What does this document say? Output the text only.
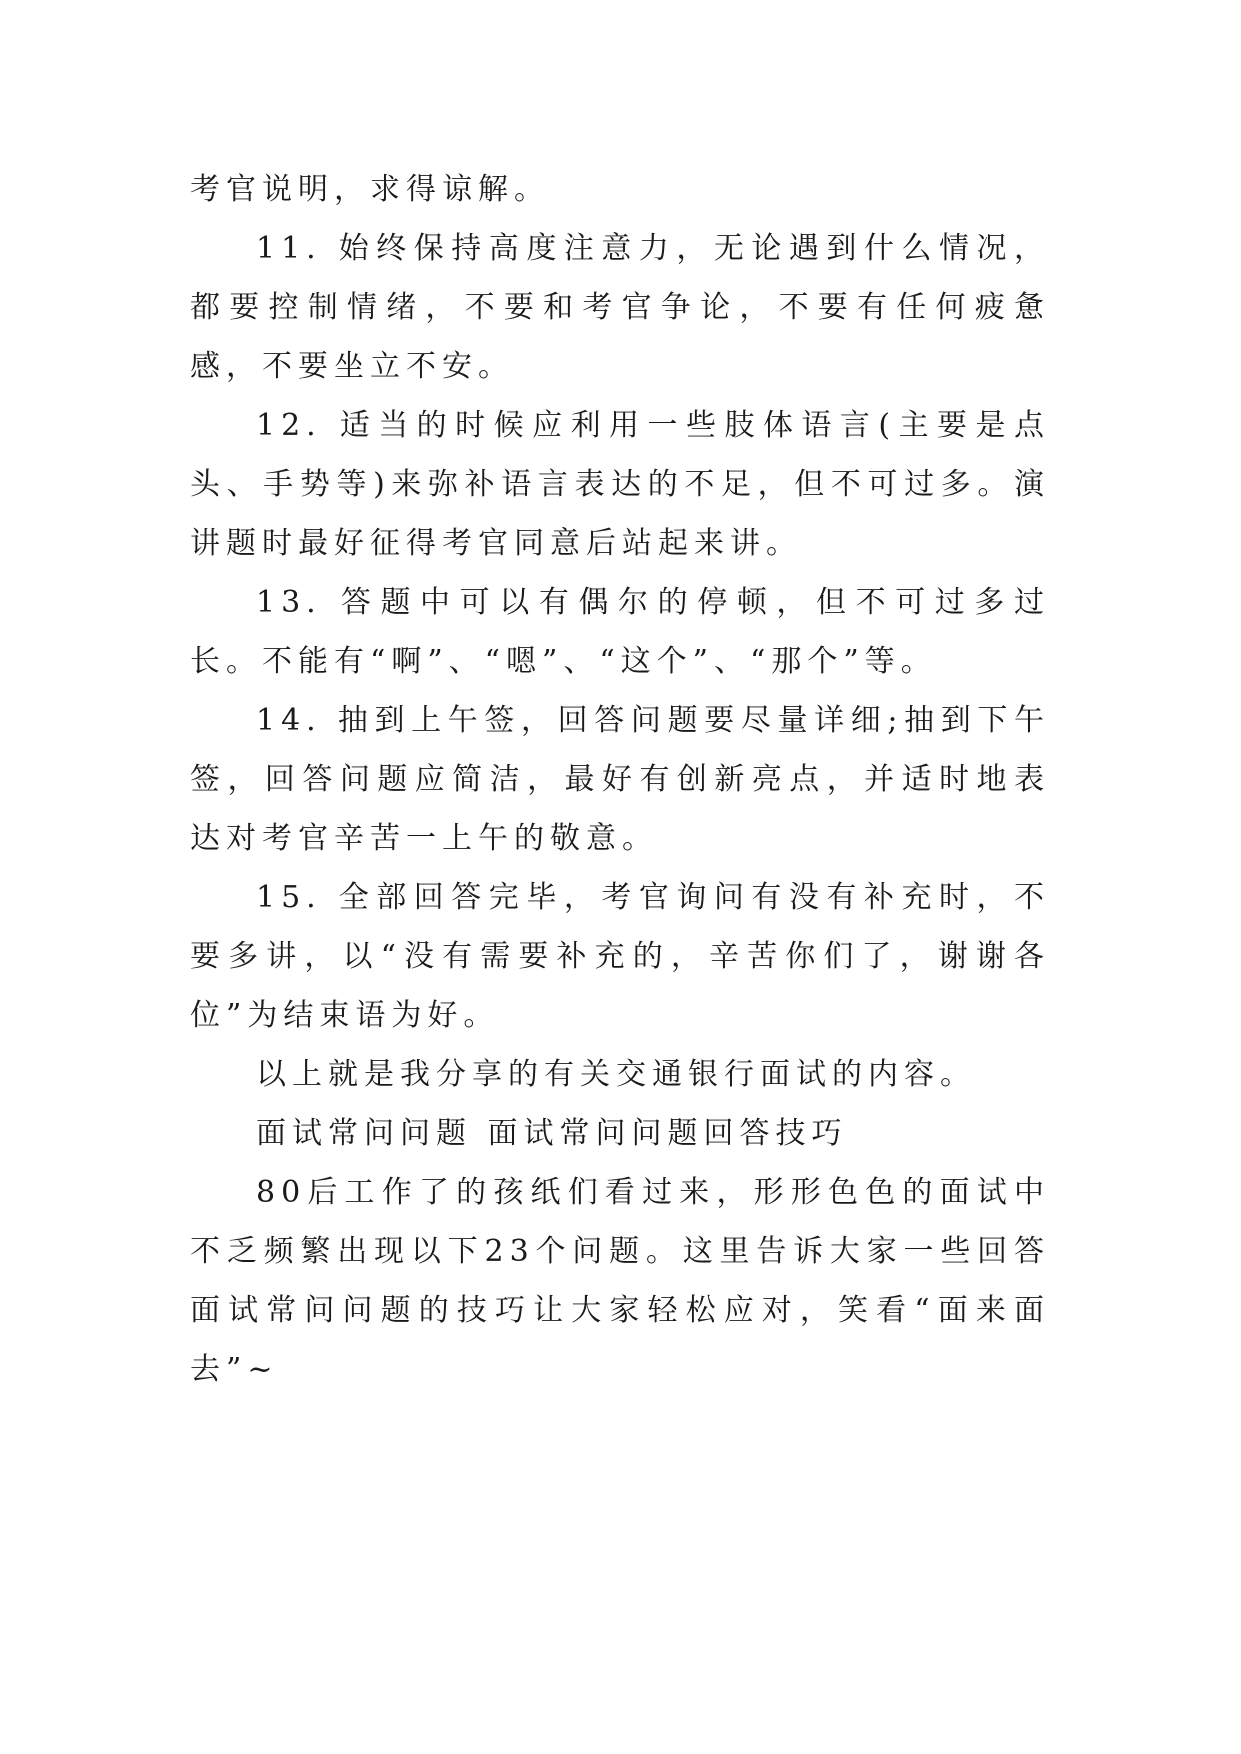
考官说明，求得谅解。

11. 始终保持高度注意力，无论遇到什么情况，都要控制情绪，不要和考官争论，不要有任何疲惫感，不要坐立不安。

12. 适当的时候应利用一些肢体语言(主要是点头、手势等)来弥补语言表达的不足，但不可过多。演讲题时最好征得考官同意后站起来讲。

13. 答题中可以有偶尔的停顿，但不可过多过长。不能有“啊”、“嗯”、“这个”、“那个”等。

14. 抽到上午签，回答问题要尽量详细;抽到下午签，回答问题应简洁，最好有创新亮点，并适时地表达对考官辛苦一上午的敬意。

15. 全部回答完毕，考官询问有没有补充时，不要多讲，以“没有需要补充的，辛苦你们了，谢谢各位”为结束语为好。

以上就是我分享的有关交通银行面试的内容。

面试常问问题 面试常问问题回答技巧

80后工作了的孩纸们看过来，形形色色的面试中不乏频繁出现以下23个问题。这里告诉大家一些回答面试常问问题的技巧让大家轻松应对，笑看“面来面去”~
